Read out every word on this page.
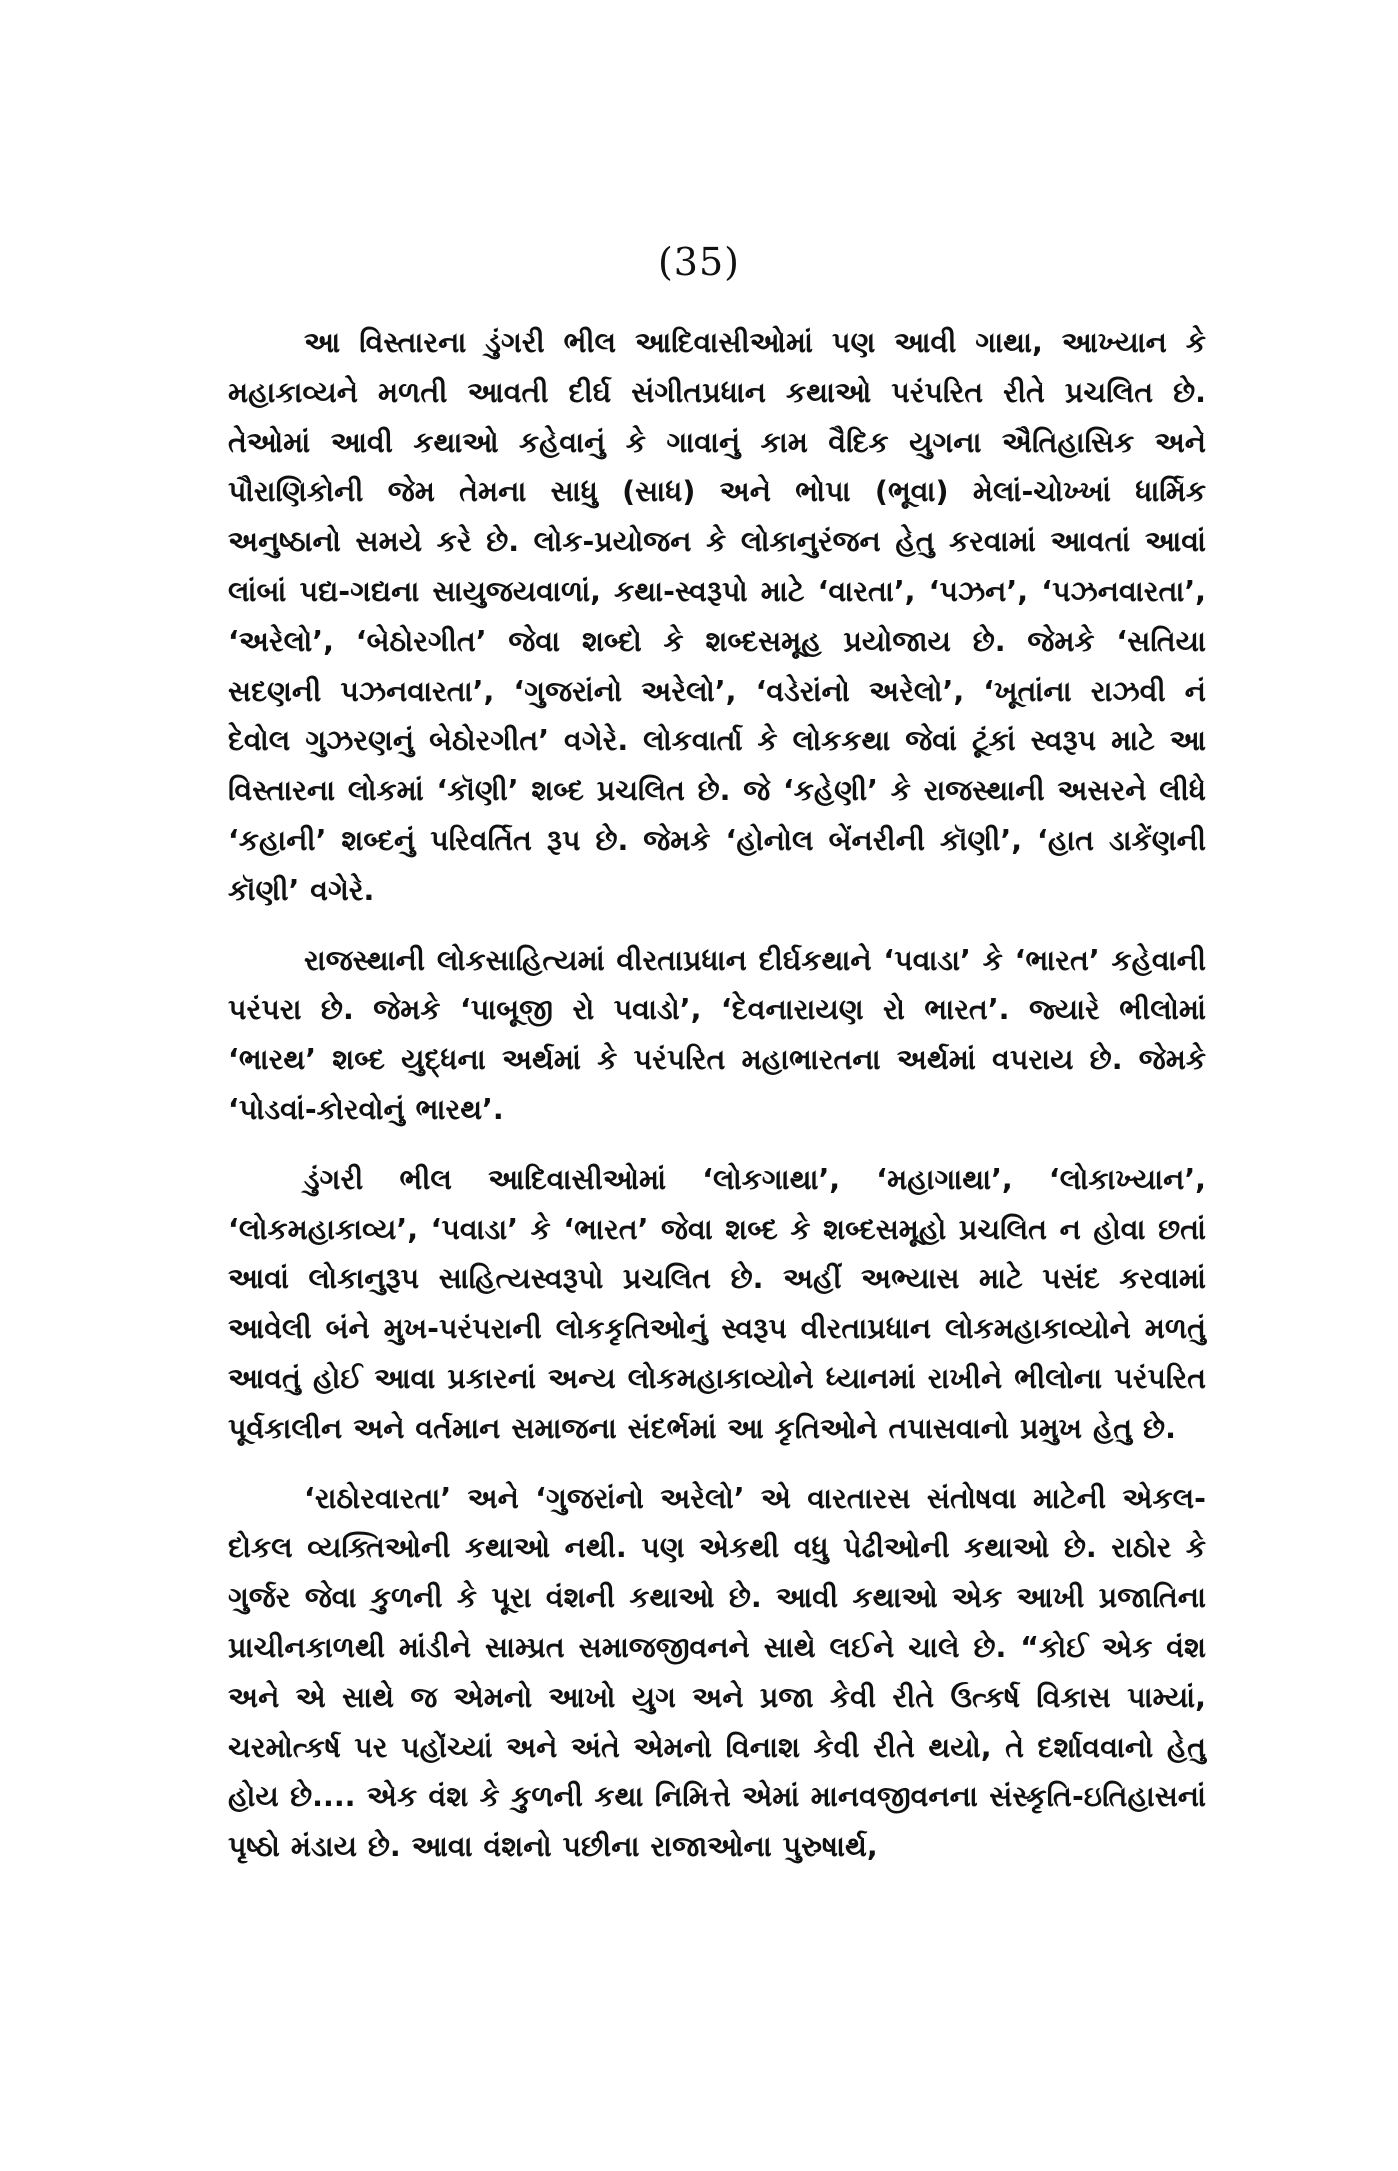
(35)

આ વિસ્તારના ડુંગરી ભીલ આદિવાસીઓમાં પણ આવી ગાથા, આખ્યાન કે મહાકાવ્યને મળતી આવતી દીર્ઘ સંગીતપ્રધાન કથાઓ પરંપરિત રીતે પ્રચલિત છે. તેઓમાં આવી કથાઓ કહેવાનું કે ગાવાનું કામ વૈદિક યુગના ઐતિહાસિક અને પૌરાણિકોની જેમ તેમના સાધુ (સાધ) અને ભોપા (ભૂવા) મેલાં-ચોખ્ખાં ધાર્મિક અનુષ્ઠાનો સમયે કરે છે. લોક-પ્રયોજન કે લોકાનુરંજન હેતુ કરવામાં આવતાં આવાં લાંબાં પદ્ય-ગદ્યના સાયુજયવાળાં, કથા-સ્વરૂપો માટે ‘વારતા’, ‘પઝન’, ‘પઝનવારતા’, ‘અરેલો’, ‘બેઠોરગીત’ જેવા શબ્દો કે શબ્દસમૂહ પ્રયોજાય છે. જેમકે ‘સતિયા સદણની પઝનવારતા’, ‘ગુજરાંનો અરેલો’, ‘વડેરાંનો અરેલો’, ‘ખૂતાંના રાઝવી નં દેવોલ ગુઝરણનું બેઠોરગીત’ વગેરે. લોકવાર્તા કે લોકકથા જેવાં ટૂંકાં સ્વરૂપ માટે આ વિસ્તારના લોકમાં ‘કૉણી’ શબ્દ પ્રચલિત છે. જે ‘કહેણી’ કે રાજસ્થાની અસરને લીધે ‘કહાની’ શબ્દનું પરિવર્તિત રૂપ છે. જેમકે ‘હોનોલ બેંનરીની કૉણી’, ‘હાત ડાકેંણની કૉણી’ વગેરે.

રાજસ્થાની લોકસાહિત્યમાં વીરતાપ્રધાન દીર્ઘકથાને ‘પવાડા’ કે ‘ભારત’ કહેવાની પરંપરા છે. જેમકે ‘પાબૂજી રો પવાડો’, ‘દેવનારાયણ રો ભારત’. જ્યારે ભીલોમાં ‘ભારથ’ શબ્દ યુદ્ધના અર્થમાં કે પરંપરિત મહાભારતના અર્થમાં વપરાય છે. જેમકે ‘પોડવાં-કોરવોનું ભારથ’.

ડુંગરી ભીલ આદિવાસીઓમાં ‘લોકગાથા’, ‘મહાગાથા’, ‘લોકાખ્યાન’, ‘લોકમહાકાવ્ય’, ‘પવાડા’ કે ‘ભારત’ જેવા શબ્દ કે શબ્દસમૂહો પ્રચલિત ન હોવા છતાં આવાં લોકાનુરૂપ સાહિત્યસ્વરૂપો પ્રચલિત છે. અહીં અભ્યાસ માટે પસંદ કરવામાં આવેલી બંને મુખ-પરંપરાની લોકકૃતિઓનું સ્વરૂપ વીરતાપ્રધાન લોકમહાકાવ્યોને મળતું આવતું હોઈ આવા પ્રકારનાં અન્ય લોકમહાકાવ્યોને ધ્યાનમાં રાખીને ભીલોના પરંપરિત પૂર્વકાલીન અને વર્તમાન સમાજના સંદર્ભમાં આ કૃતિઓને તપાસવાનો પ્રમુખ હેતુ છે.

‘રાઠોરવારતા’ અને ‘ગુજરાંનો અરેલો’ એ વારતારસ સંતોષવા માટેની એકલ-દોકલ વ્યક્તિઓની કથાઓ નથી. પણ એકથી વધુ પેઢીઓની કથાઓ છે. રાઠોર કે ગુર્જર જેવા કુળની કે પૂરા વંશની કથાઓ છે. આવી કથાઓ એક આખી પ્રજાતિના પ્રાચીનકાળથી માંડીને સામ્પ્રત સમાજજીવનને સાથે લઈને ચાલે છે. “કોઈ એક વંશ અને એ સાથે જ એમનો આખો યુગ અને પ્રજા કેવી રીતે ઉત્કર્ષ વિકાસ પામ્યાં, ચરમોત્કર્ષ પર પહોંચ્યાં અને અંતે એમનો વિનાશ કેવી રીતે થયો, તે દર્શાવવાનો હેતુ હોય છે.... એક વંશ કે કુળની કથા નિમિત્તે એમાં માનવજીવનના સંસ્કૃતિ-ઇતિહાસનાં પૃષ્ઠો મંડાય છે. આવા વંશનો પછીના રાજાઓના પુરુષાર્થ,
